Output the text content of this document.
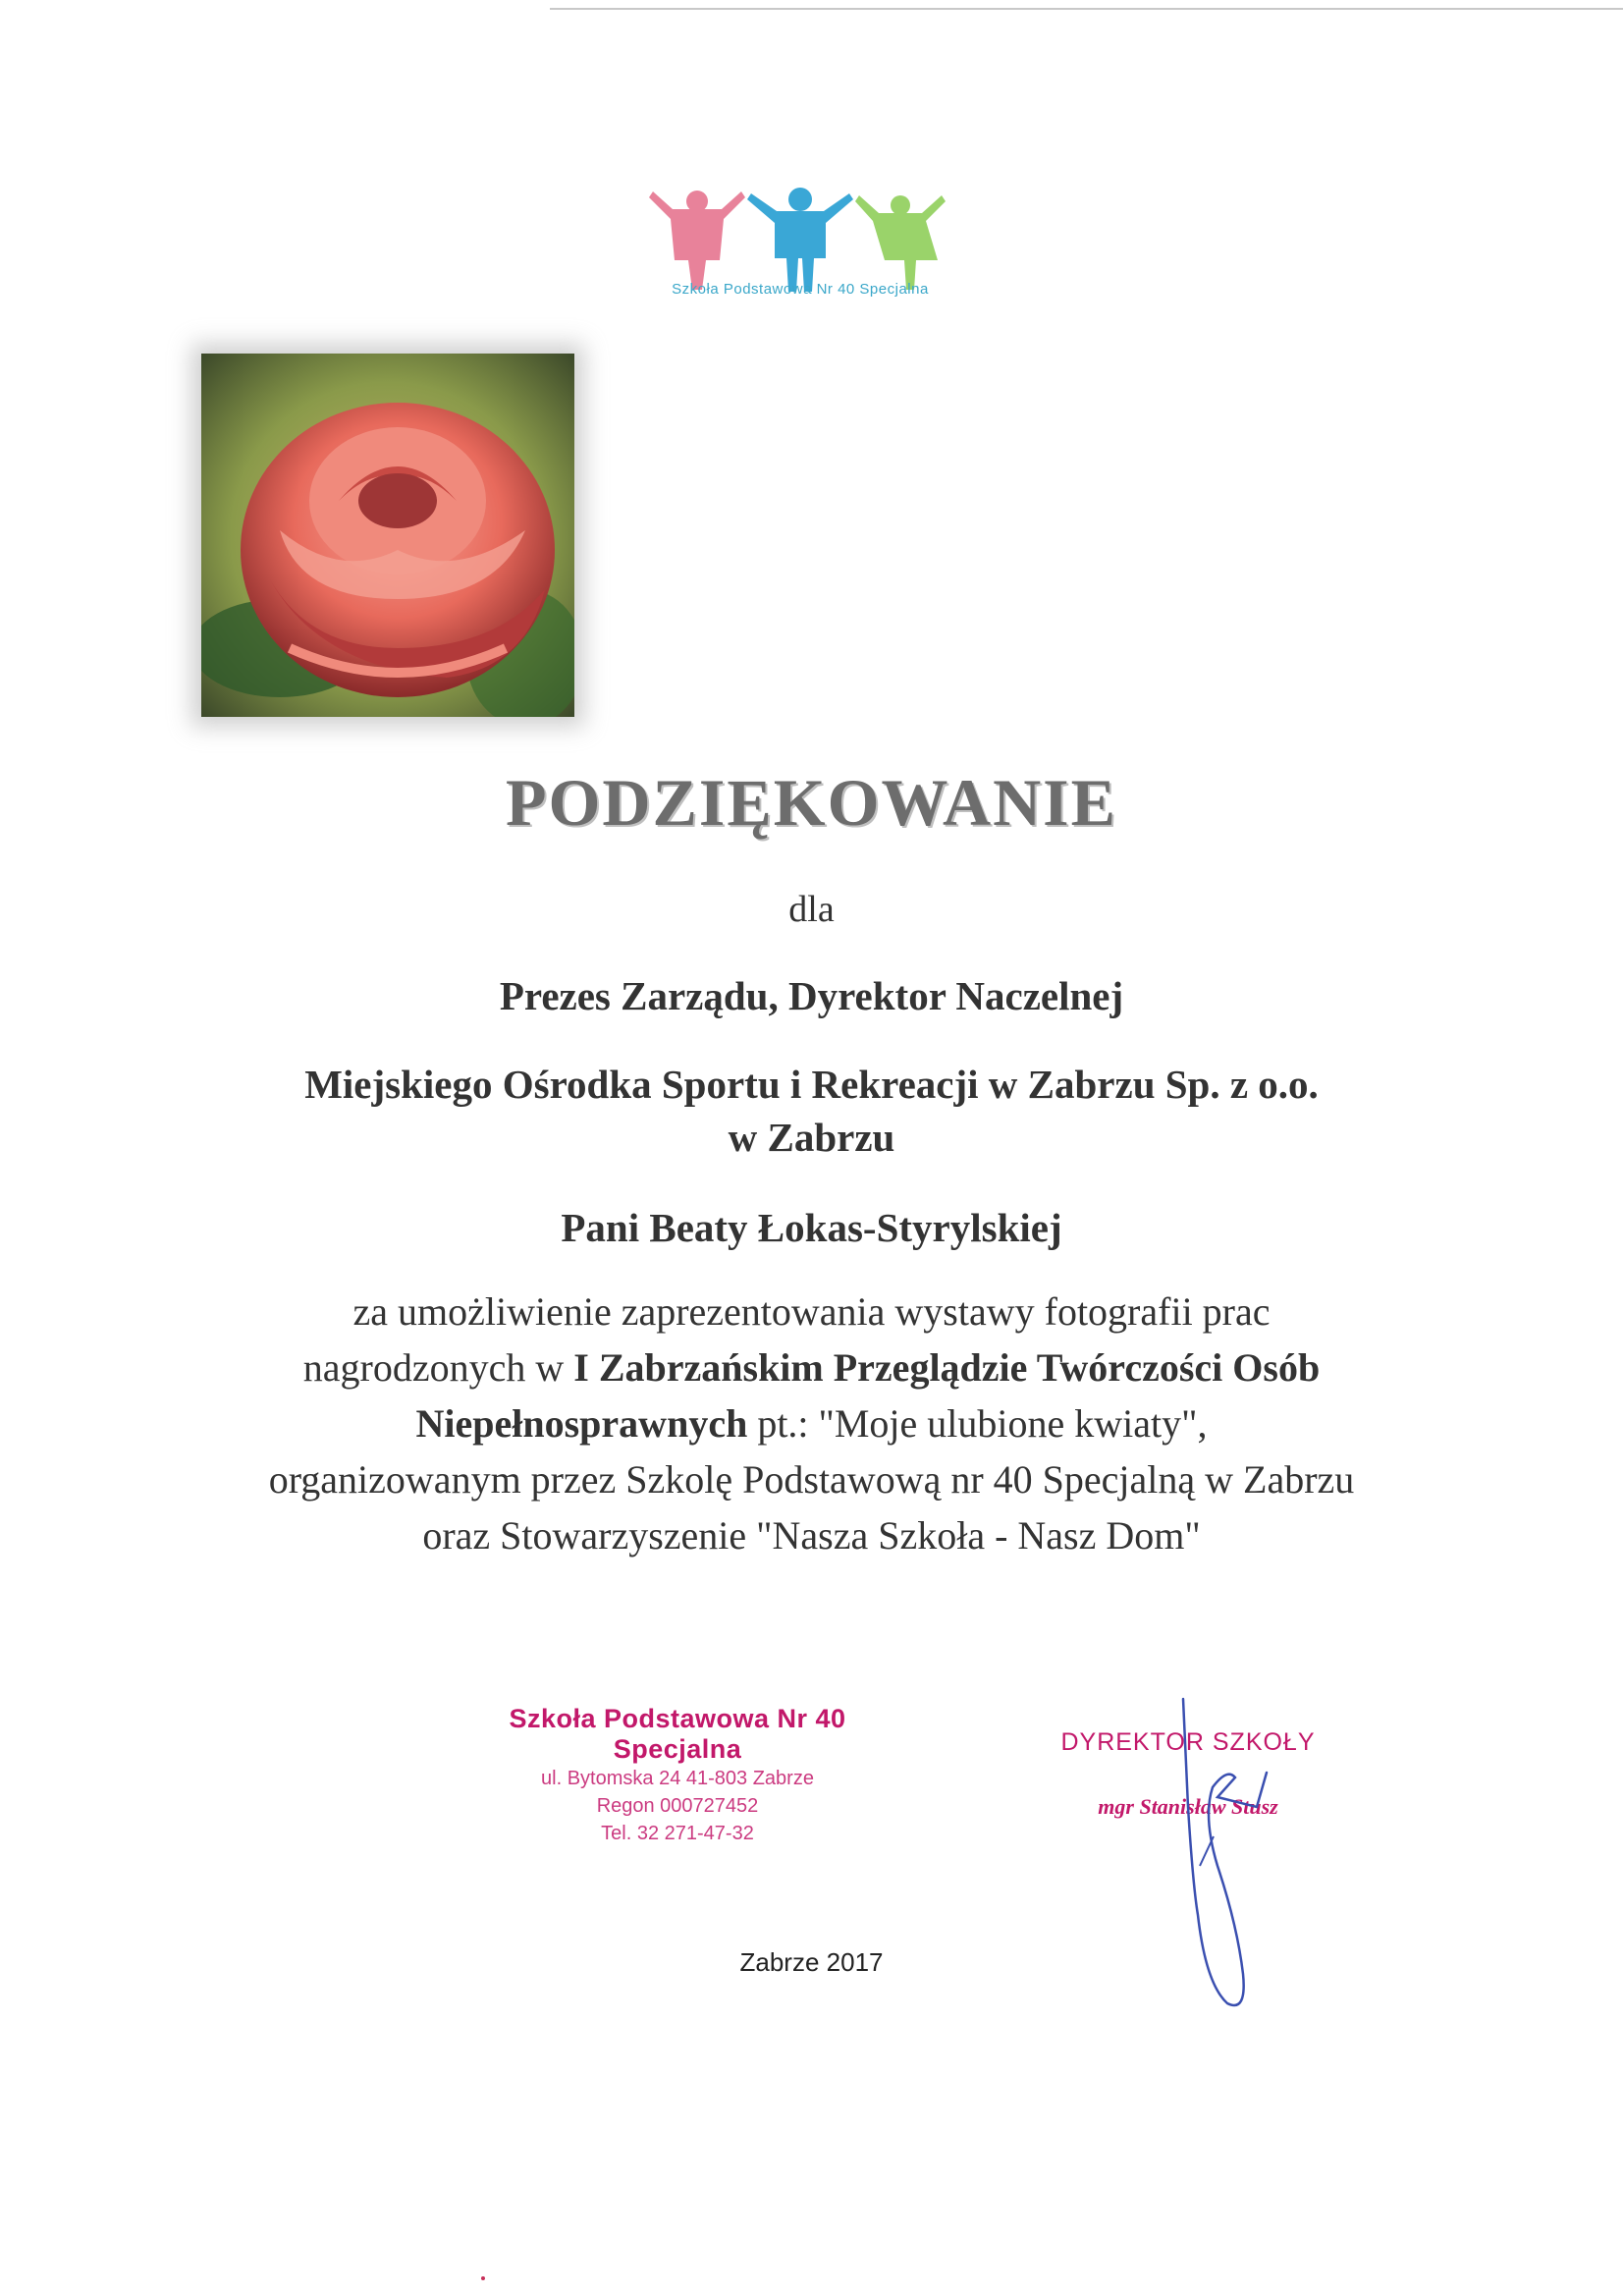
Szkoła Podstawowa Nr 40 Specjalna
PODZIĘKOWANIE
dla
Prezes Zarządu, Dyrektor Naczelnej
Miejskiego Ośrodka Sportu i Rekreacji w Zabrzu Sp. z o.o.
w Zabrzu
Pani Beaty Łokas-Styrylskiej
za umożliwienie zaprezentowania wystawy fotografii prac
nagrodzonych w I Zabrzańskim Przeglądzie Twórczości Osób
Niepełnosprawnych pt.: "Moje ulubione kwiaty",
organizowanym przez Szkolę Podstawową nr 40 Specjalną w Zabrzu
oraz Stowarzyszenie "Nasza Szkoła - Nasz Dom"
Szkoła Podstawowa Nr 40 Specjalna
ul. Bytomska 24 41-803 Zabrze
Regon 000727452
Tel. 32 271-47-32
DYREKTOR SZKOŁY
mgr Stanisław Stusz
Zabrze 2017
